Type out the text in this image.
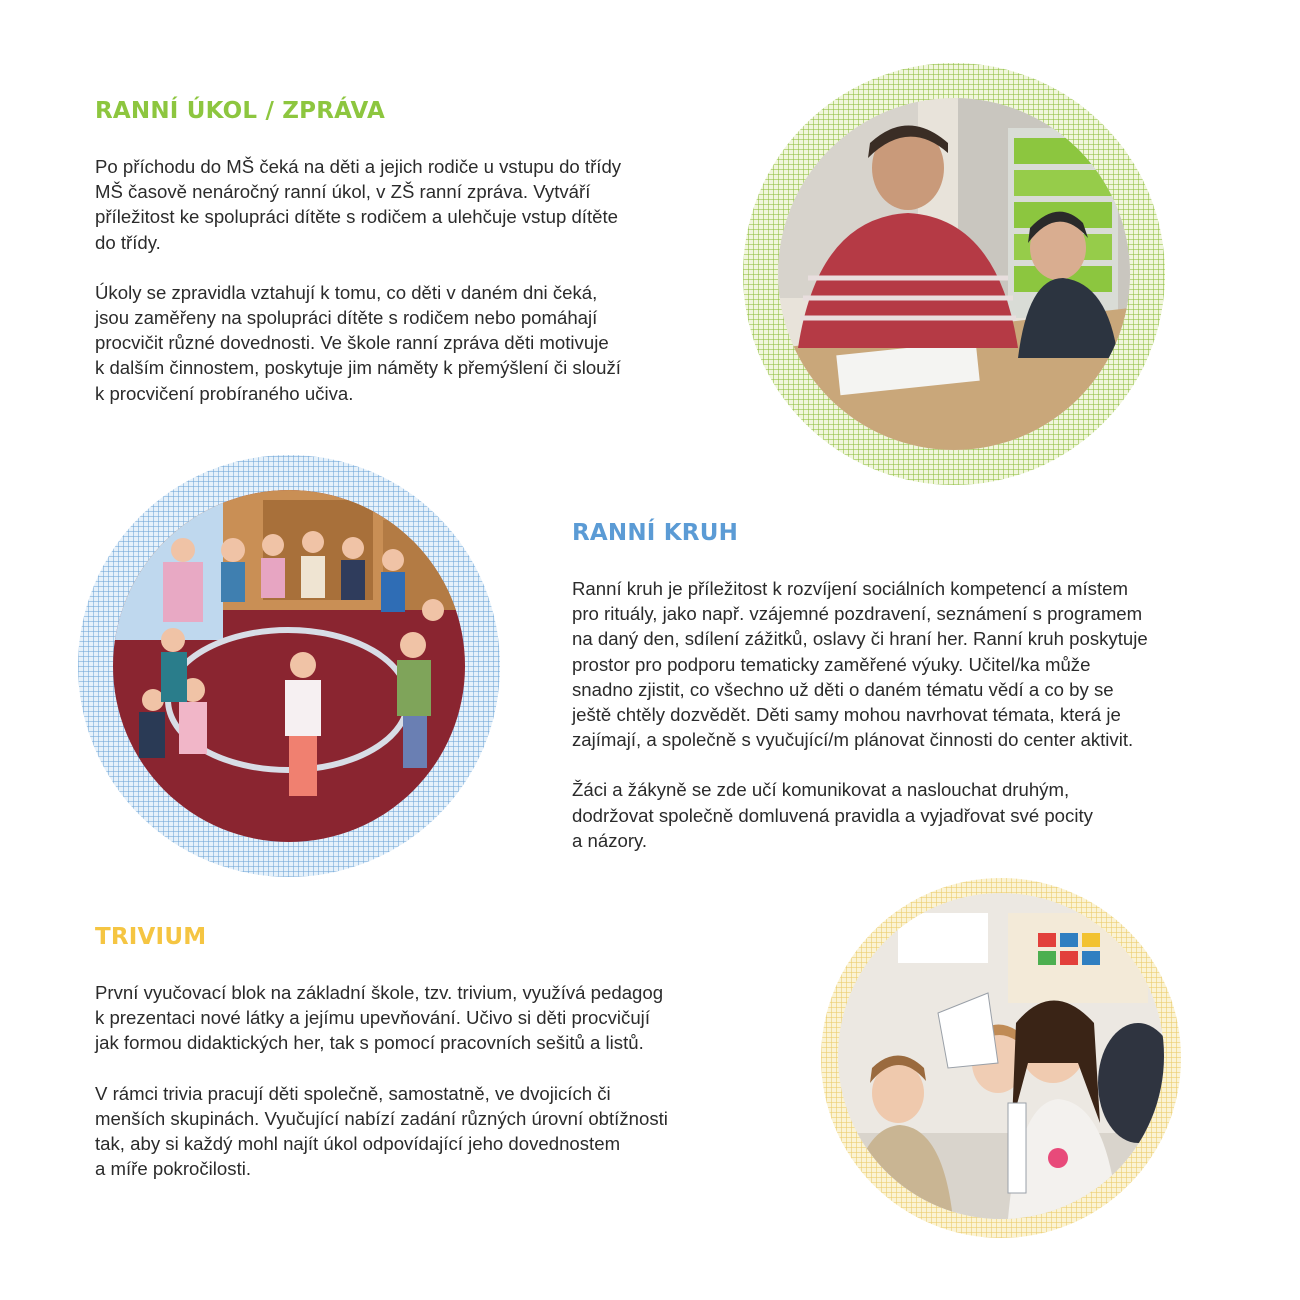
RANNÍ ÚKOL / ZPRÁVA

Po příchodu do MŠ čeká na děti a jejich rodiče u vstupu do třídy
MŠ časově nenáročný ranní úkol, v ZŠ ranní zpráva. Vytváří
příležitost ke spolupráci dítěte s rodičem a ulehčuje vstup dítěte
do třídy.

Úkoly se zpravidla vztahují k tomu, co děti v daném dni čeká,
jsou zaměřeny na spolupráci dítěte s rodičem nebo pomáhají
procvičit různé dovednosti. Ve škole ranní zpráva děti motivuje
k dalším činnostem, poskytuje jim náměty k přemýšlení či slouží
k procvičení probíraného učiva.

RANNÍ KRUH

Ranní kruh je příležitost k rozvíjení sociálních kompetencí a místem
pro rituály, jako např. vzájemné pozdravení, seznámení s programem
na daný den, sdílení zážitků, oslavy či hraní her. Ranní kruh poskytuje
prostor pro podporu tematicky zaměřené výuky. Učitel/ka může
snadno zjistit, co všechno už děti o daném tématu vědí a co by se
ještě chtěly dozvědět. Děti samy mohou navrhovat témata, která je
zajímají, a společně s vyučující/m plánovat činnosti do center aktivit.

Žáci a žákyně se zde učí komunikovat a naslouchat druhým,
dodržovat společně domluvená pravidla a vyjadřovat své pocity
a názory.

TRIVIUM

První vyučovací blok na základní škole, tzv. trivium, využívá pedagog
k prezentaci nové látky a jejímu upevňování. Učivo si děti procvičují
jak formou didaktických her, tak s pomocí pracovních sešitů a listů.

V rámci trivia pracují děti společně, samostatně, ve dvojicích či
menších skupinách. Vyučující nabízí zadání různých úrovní obtížnosti
tak, aby si každý mohl najít úkol odpovídající jeho dovednostem
a míře pokročilosti.
